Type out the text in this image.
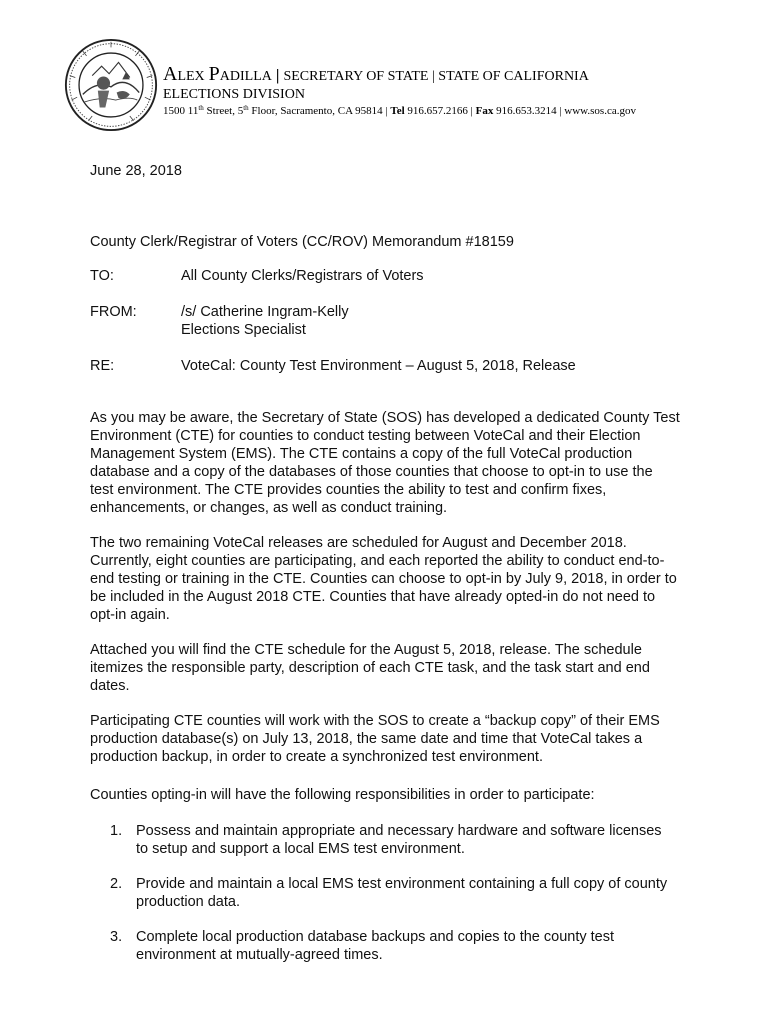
ALEX PADILLA | SECRETARY OF STATE | STATE OF CALIFORNIA
ELECTIONS DIVISION
1500 11th Street, 5th Floor, Sacramento, CA 95814 | Tel 916.657.2166 | Fax 916.653.3214 | www.sos.ca.gov
June 28, 2018
County Clerk/Registrar of Voters (CC/ROV) Memorandum #18159
TO:	All County Clerks/Registrars of Voters
FROM:	/s/ Catherine Ingram-Kelly
Elections Specialist
RE:	VoteCal: County Test Environment – August 5, 2018, Release

As you may be aware, the Secretary of State (SOS) has developed a dedicated County Test Environment (CTE) for counties to conduct testing between VoteCal and their Election Management System (EMS). The CTE contains a copy of the full VoteCal production database and a copy of the databases of those counties that choose to opt-in to use the test environment. The CTE provides counties the ability to test and confirm fixes, enhancements, or changes, as well as conduct training.

The two remaining VoteCal releases are scheduled for August and December 2018. Currently, eight counties are participating, and each reported the ability to conduct end-to-end testing or training in the CTE. Counties can choose to opt-in by July 9, 2018, in order to be included in the August 2018 CTE. Counties that have already opted-in do not need to opt-in again.

Attached you will find the CTE schedule for the August 5, 2018, release. The schedule itemizes the responsible party, description of each CTE task, and the task start and end dates.

Participating CTE counties will work with the SOS to create a “backup copy” of their EMS production database(s) on July 13, 2018, the same date and time that VoteCal takes a production backup, in order to create a synchronized test environment.

Counties opting-in will have the following responsibilities in order to participate:

1. Possess and maintain appropriate and necessary hardware and software licenses to setup and support a local EMS test environment.
2. Provide and maintain a local EMS test environment containing a full copy of county production data.
3. Complete local production database backups and copies to the county test environment at mutually-agreed times.
